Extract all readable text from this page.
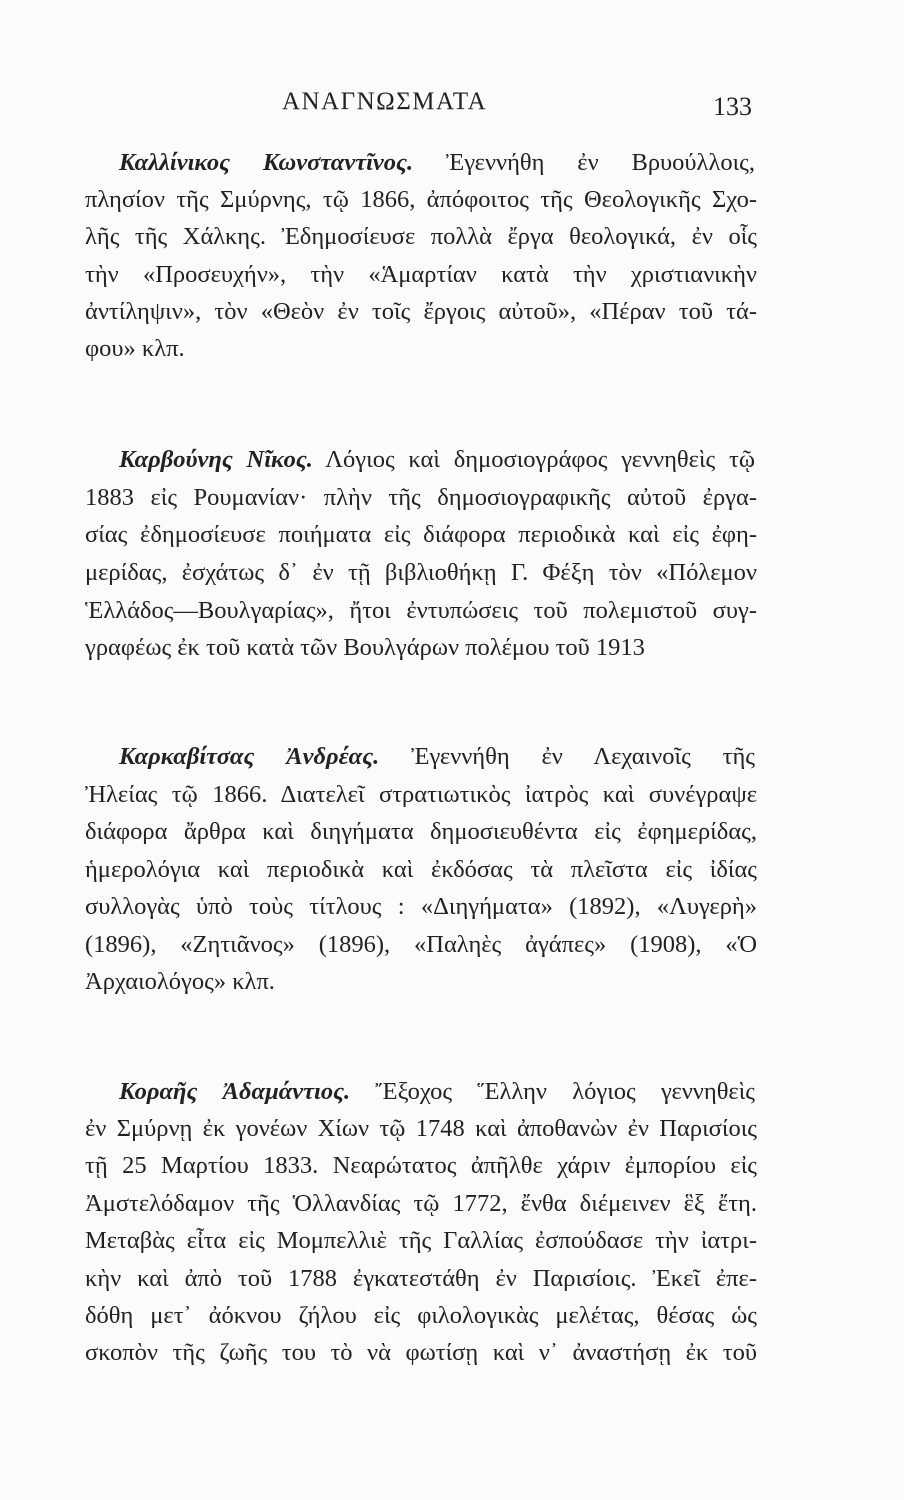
ΑΝΑΓΝΩΣΜΑΤΑ	133
Καλλίνικος Κωνσταντῖνος. Ἐγεννήθη ἐν Βρυούλλοις,
πλησίον τῆς Σμύρνης, τῷ 1866, ἀπόφοιτος τῆς Θεολογικῆς Σχο-
λῆς τῆς Χάλκης. Ἐδημοσίευσε πολλὰ ἔργα θεολογικά, ἐν οἷς
τὴν «Προσευχήν», τὴν «Ἁμαρτίαν κατὰ τὴν χριστιανικὴν
ἀντίληψιν», τὸν «Θεὸν ἐν τοῖς ἔργοις αὐτοῦ», «Πέραν τοῦ τά-
φου» κλπ.
Καρβούνης Νῖκος. Λόγιος καὶ δημοσιογράφος γεννηθεὶς τῷ
1883 εἰς Ρουμανίαν· πλὴν τῆς δημοσιογραφικῆς αὐτοῦ ἐργα-
σίας ἐδημοσίευσε ποιήματα εἰς διάφορα περιοδικὰ καὶ εἰς ἐφη-
μερίδας, ἐσχάτως δ᾽ ἐν τῇ βιβλιοθήκῃ Γ. Φέξη τὸν «Πόλεμον
Ἑλλάδος—Βουλγαρίας», ἤτοι ἐντυπώσεις τοῦ πολεμιστοῦ συγ-
γραφέως ἐκ τοῦ κατὰ τῶν Βουλγάρων πολέμου τοῦ 1913
Καρκαβίτσας Ἀνδρέας. Ἐγεννήθη ἐν Λεχαινοῖς τῆς
Ἠλείας τῷ 1866. Διατελεῖ στρατιωτικὸς ἰατρὸς καὶ συνέγραψε
διάφορα ἄρθρα καὶ διηγήματα δημοσιευθέντα εἰς ἐφημερίδας,
ἡμερολόγια καὶ περιοδικὰ καὶ ἐκδόσας τὰ πλεῖστα εἰς ἰδίας
συλλογὰς ὑπὸ τοὺς τίτλους : «Διηγήματα» (1892), «Λυγερὴ»
(1896), «Ζητιᾶνος» (1896), «Παληὲς ἀγάπες» (1908), «Ὁ
Ἀρχαιολόγος» κλπ.
Κοραῆς Ἀδαμάντιος. Ἔξοχος Ἕλλην λόγιος γεννηθεὶς
ἐν Σμύρνῃ ἐκ γονέων Χίων τῷ 1748 καὶ ἀποθανὼν ἐν Παρισίοις
τῇ 25 Μαρτίου 1833. Νεαρώτατος ἀπῆλθε χάριν ἐμπορίου εἰς
Ἀμστελόδαμον τῆς Ὁλλανδίας τῷ 1772, ἔνθα διέμεινεν ἓξ ἔτη.
Μεταβὰς εἶτα εἰς Μομπελλιὲ τῆς Γαλλίας ἐσπούδασε τὴν ἰατρι-
κὴν καὶ ἀπὸ τοῦ 1788 ἐγκατεστάθη ἐν Παρισίοις. Ἐκεῖ ἐπε-
δόθη μετ᾽ ἀόκνου ζήλου εἰς φιλολογικὰς μελέτας, θέσας ὡς
σκοπὸν τῆς ζωῆς του τὸ νὰ φωτίσῃ καὶ ν᾽ ἀναστήσῃ ἐκ τοῦ
